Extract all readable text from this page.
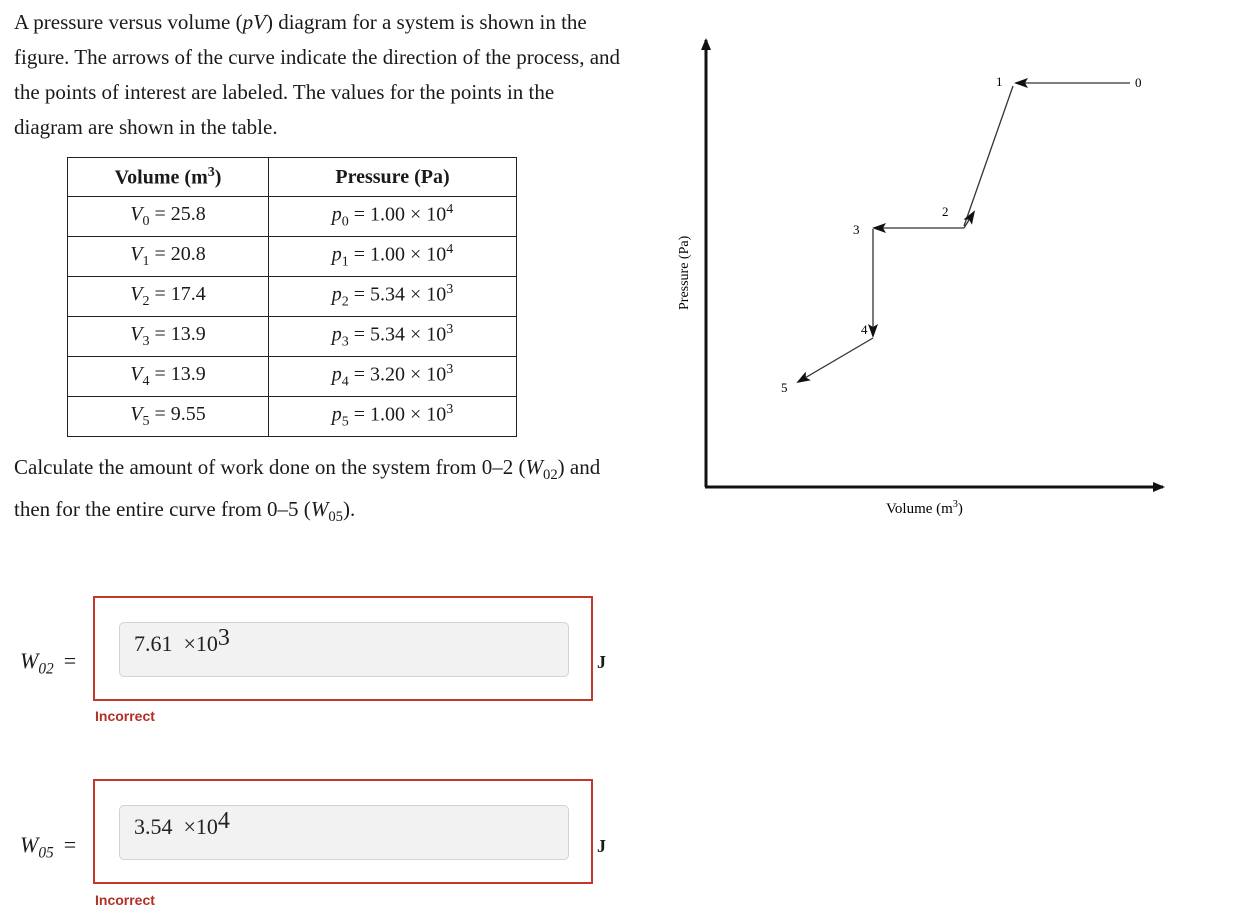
A pressure versus volume (pV) diagram for a system is shown in the figure. The arrows of the curve indicate the direction of the process, and the points of interest are labeled. The values for the points in the diagram are shown in the table.
Volume $(m^3)$	Pressure (Pa)
$V_0 = 25.8$	$p_0 = 1.00 \times 10^4$
$V_1 = 20.8$	$p_1 = 1.00 \times 10^4$
$V_2 = 17.4$	$p_2 = 5.34 \times 10^3$
$V_3 = 13.9$	$p_3 = 5.34 \times 10^3$
$V_4 = 13.9$	$p_4 = 3.20 \times 10^3$
$V_5 = 9.55$	$p_5 = 1.00 \times 10^3$
Calculate the amount of work done on the system from 0–2 $(W_{02})$ and then for the entire curve from 0–5 $(W_{05})$.
$W_{02}$ =
7.61 ×103
J
Incorrect
$W_{05}$ =
3.54 ×104
J
Incorrect
0
1
2
3
4
5
Pressure (Pa)
Volume $(m^3)$
